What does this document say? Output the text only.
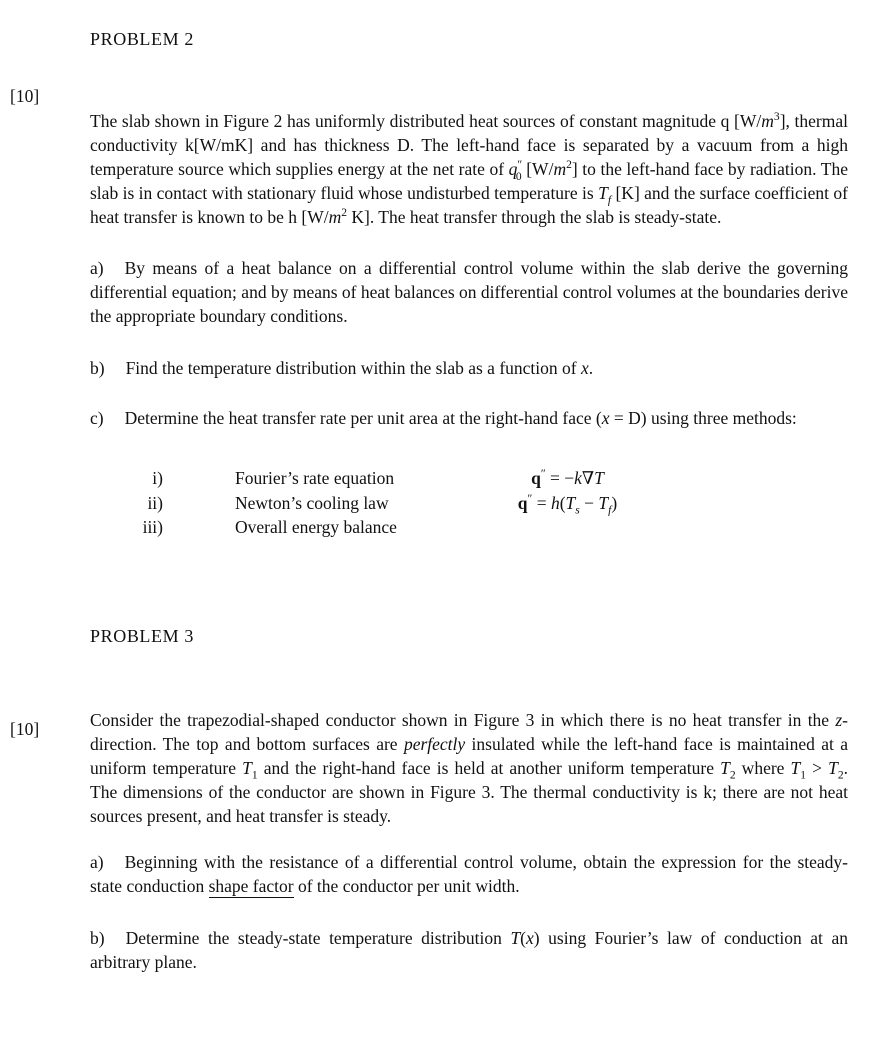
[10]
[10]
PROBLEM 2

The slab shown in Figure 2 has uniformly distributed heat sources of constant magnitude q $[W/m^3]$, thermal conductivity k[W/mK] and has thickness D. The left-hand face is separated by a vacuum from a high temperature source which supplies energy at the net rate of $q''_0$ $[W/m^2]$ to the left-hand face by radiation. The slab is in contact with stationary fluid whose undisturbed temperature is $T_f$ [K] and the surface coefficient of heat transfer is known to be h [$W/m^2$ K]. The heat transfer through the slab is steady-state.

a) By means of a heat balance on a differential control volume within the slab derive the governing differential equation; and by means of heat balances on differential control volumes at the boundaries derive the appropriate boundary conditions.

b) Find the temperature distribution within the slab as a function of x.

c) Determine the heat transfer rate per unit area at the right-hand face (x = D) using three methods:

i)	Fourier’s rate equation	q″ = −k∇T
ii)	Newton’s cooling law	$q'' = h(T_s - T_f)$
iii)	Overall energy balance
PROBLEM 3

Consider the trapezodial-shaped conductor shown in Figure 3 in which there is no heat transfer in the z-direction. The top and bottom surfaces are perfectly insulated while the left-hand face is maintained at a uniform temperature $T_1$ and the right-hand face is held at another uniform temperature $T_2$ where $T_1 > T_2$. The dimensions of the conductor are shown in Figure 3. The thermal conductivity is k; there are not heat sources present, and heat transfer is steady.

a) Beginning with the resistance of a differential control volume, obtain the expression for the steady-state conduction shape factor of the conductor per unit width.

b) Determine the steady-state temperature distribution T(x) using Fourier’s law of conduction at an arbitrary plane.
